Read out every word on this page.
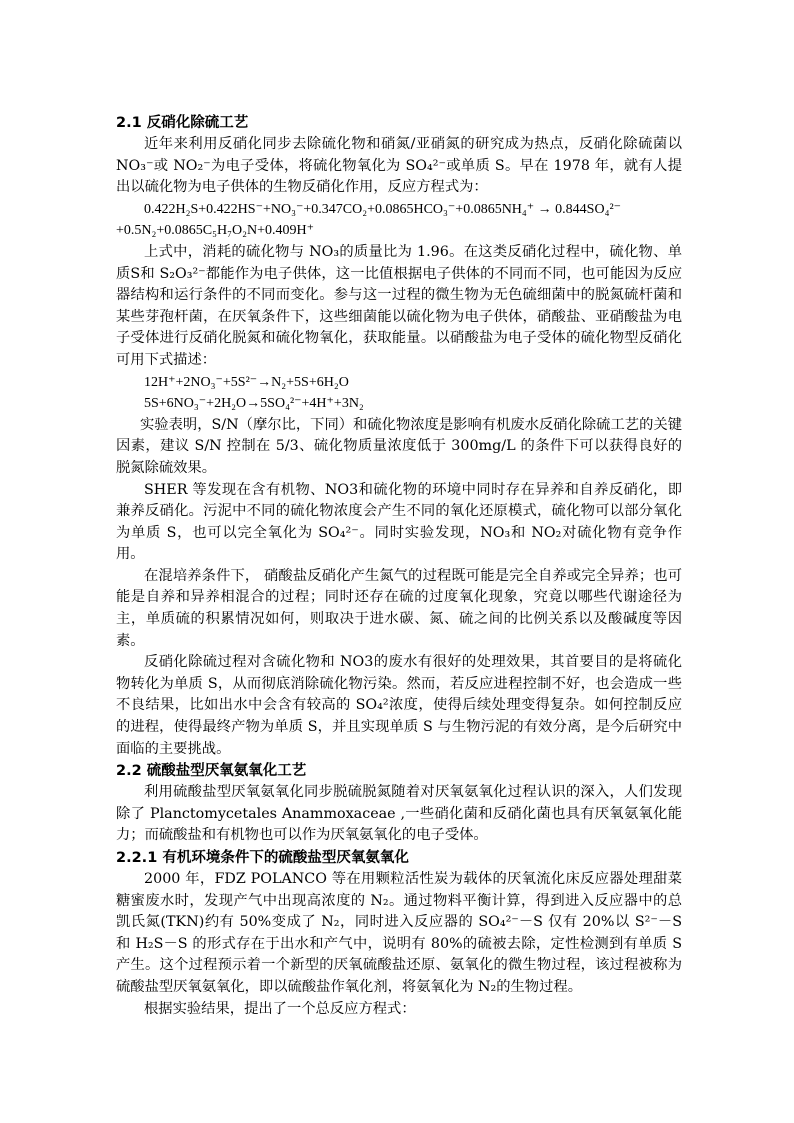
2.1 反硝化除硫工艺

近年来利用反硝化同步去除硫化物和硝氮/亚硝氮的研究成为热点，反硝化除硫菌以 NO₃⁻或 NO₂⁻为电子受体，将硫化物氧化为 SO₄²⁻或单质 S。早在 1978 年，就有人提出以硫化物为电子供体的生物反硝化作用，反应方程式为：

0.422H₂S+0.422HS⁻+NO₃⁻+0.347CO₂+0.0865HCO₃⁻+0.0865NH₄⁺ → 0.844SO₄²⁻

+0.5N₂+0.0865C₅H₇O₂N+0.409H⁺

上式中，消耗的硫化物与 NO₃的质量比为 1.96。在这类反硝化过程中，硫化物、单质S和 S₂O₃²⁻都能作为电子供体，这一比值根据电子供体的不同而不同，也可能因为反应器结构和运行条件的不同而变化。参与这一过程的微生物为无色硫细菌中的脱氮硫杆菌和某些芽孢杆菌，在厌氧条件下，这些细菌能以硫化物为电子供体，硝酸盐、亚硝酸盐为电子受体进行反硝化脱氮和硫化物氧化，获取能量。以硝酸盐为电子受体的硫化物型反硝化可用下式描述：

12H⁺+2NO₃⁻+5S²⁻→N₂+5S+6H₂O

5S+6NO₃⁻+2H₂O→5SO₄²⁻+4H⁺+3N₂

实验表明，S/N（摩尔比，下同）和硫化物浓度是影响有机废水反硝化除硫工艺的关键因素，建议 S/N 控制在 5/3、硫化物质量浓度低于 300mg/L 的条件下可以获得良好的脱氮除硫效果。

SHER 等发现在含有机物、NO3和硫化物的环境中同时存在异养和自养反硝化，即兼养反硝化。污泥中不同的硫化物浓度会产生不同的氧化还原模式，硫化物可以部分氧化为单质 S，也可以完全氧化为 SO₄²⁻。同时实验发现，NO₃和 NO₂对硫化物有竞争作用。

在混培养条件下， 硝酸盐反硝化产生氮气的过程既可能是完全自养或完全异养；也可能是自养和异养相混合的过程；同时还存在硫的过度氧化现象，究竟以哪些代谢途径为主，单质硫的积累情况如何，则取决于进水碳、氮、硫之间的比例关系以及酸碱度等因素。

反硝化除硫过程对含硫化物和 NO3的废水有很好的处理效果，其首要目的是将硫化物转化为单质 S，从而彻底消除硫化物污染。然而，若反应进程控制不好，也会造成一些不良结果，比如出水中会含有较高的 SO₄²浓度，使得后续处理变得复杂。如何控制反应的进程，使得最终产物为单质 S，并且实现单质 S 与生物污泥的有效分离，是今后研究中面临的主要挑战。

2.2 硫酸盐型厌氧氨氧化工艺

利用硫酸盐型厌氧氨氧化同步脱硫脱氮随着对厌氧氨氧化过程认识的深入，人们发现除了 Planctomycetales Anammoxaceae ,一些硝化菌和反硝化菌也具有厌氧氨氧化能力；而硫酸盐和有机物也可以作为厌氧氨氧化的电子受体。

2.2.1 有机环境条件下的硫酸盐型厌氧氨氧化

2000 年，FDZ POLANCO 等在用颗粒活性炭为载体的厌氧流化床反应器处理甜菜糖蜜废水时，发现产气中出现高浓度的 N₂。通过物料平衡计算，得到进入反应器中的总凯氏氮(TKN)约有 50%变成了 N₂，同时进入反应器的 SO₄²⁻－S 仅有 20%以 S²⁻－S 和 H₂S－S 的形式存在于出水和产气中，说明有 80%的硫被去除，定性检测到有单质 S 产生。这个过程预示着一个新型的厌氧硫酸盐还原、氨氧化的微生物过程，该过程被称为硫酸盐型厌氧氨氧化，即以硫酸盐作氧化剂，将氨氧化为 N₂的生物过程。

根据实验结果，提出了一个总反应方程式：
